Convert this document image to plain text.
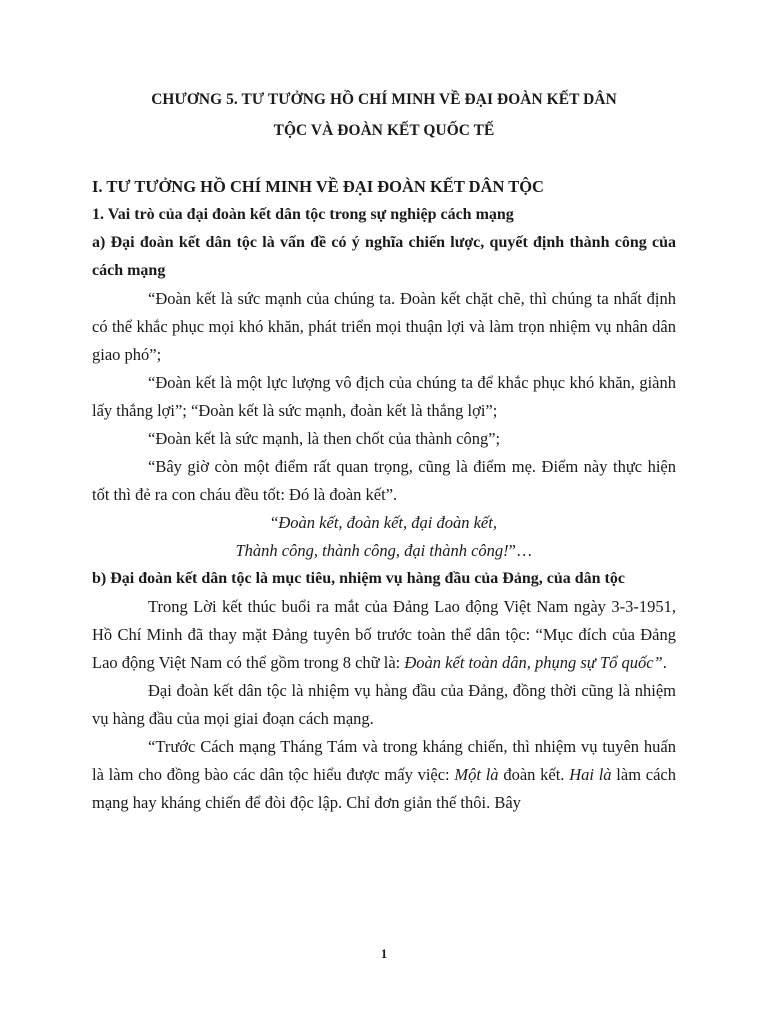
CHƯƠNG 5. TƯ TƯỞNG HỒ CHÍ MINH VỀ ĐẠI ĐOÀN KẾT DÂN
TỘC VÀ ĐOÀN KẾT QUỐC TẾ
I. TƯ TƯỞNG HỒ CHÍ MINH VỀ ĐẠI ĐOÀN KẾT DÂN TỘC
1. Vai trò của đại đoàn kết dân tộc trong sự nghiệp cách mạng
a) Đại đoàn kết dân tộc là vấn đề có ý nghĩa chiến lược, quyết định thành công của cách mạng

“Đoàn kết là sức mạnh của chúng ta. Đoàn kết chặt chẽ, thì chúng ta nhất định có thể khắc phục mọi khó khăn, phát triển mọi thuận lợi và làm trọn nhiệm vụ nhân dân giao phó”;

“Đoàn kết là một lực lượng vô địch của chúng ta để khắc phục khó khăn, giành lấy thắng lợi”; “Đoàn kết là sức mạnh, đoàn kết là thắng lợi”;

“Đoàn kết là sức mạnh, là then chốt của thành công”;

“Bây giờ còn một điểm rất quan trọng, cũng là điểm mẹ. Điểm này thực hiện tốt thì đẻ ra con cháu đều tốt: Đó là đoàn kết”.

“Đoàn kết, đoàn kết, đại đoàn kết,

Thành công, thành công, đại thành công!”…

b) Đại đoàn kết dân tộc là mục tiêu, nhiệm vụ hàng đầu của Đảng, của dân tộc

Trong Lời kết thúc buổi ra mắt của Đảng Lao động Việt Nam ngày 3-3-1951, Hồ Chí Minh đã thay mặt Đảng tuyên bố trước toàn thể dân tộc: “Mục đích của Đảng Lao động Việt Nam có thể gồm trong 8 chữ là: Đoàn kết toàn dân, phụng sự Tổ quốc”.

Đại đoàn kết dân tộc là nhiệm vụ hàng đầu của Đảng, đồng thời cũng là nhiệm vụ hàng đầu của mọi giai đoạn cách mạng.

“Trước Cách mạng Tháng Tám và trong kháng chiến, thì nhiệm vụ tuyên huấn là làm cho đồng bào các dân tộc hiểu được mấy việc: Một là đoàn kết. Hai là làm cách mạng hay kháng chiến để đòi độc lập. Chỉ đơn giản thế thôi. Bây

1
